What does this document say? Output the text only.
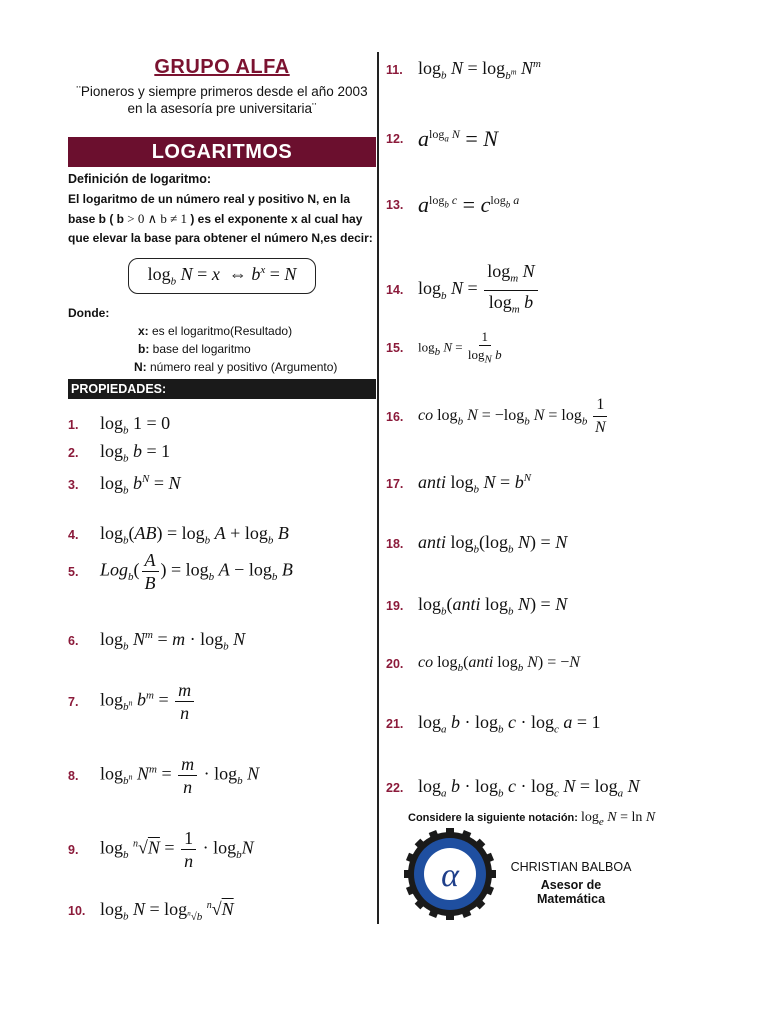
GRUPO ALFA
¨Pioneros y siempre primeros desde el año 2003
en la asesoría pre universitaria¨
LOGARITMOS
Definición de logaritmo:
El logaritmo de un número real y positivo N, en la
base b ( b > 0 ∧ b ≠ 1 ) es el exponente x al cual hay
que elevar la base para obtener el número N,es decir:
$\log_b N = x$  ⇔ $b^x = N$
Donde:
x: es el logaritmo(Resultado)
b: base del logaritmo
N: número real y positivo (Argumento)
PROPIEDADES:
1.	$\log_b 1 = 0$
2.	$\log_b b = 1$
3.	$\log_b b^N = N$
4.	$\log_b(AB) = \log_b A + \log_b B$
5.	$Log_b( \frac{A}{B}$ ) = $\log_b A - \log_b B$
6.	$\log_b N^m = m \cdot \log_b N$
7.	$\log_{b^n} b^m = \frac{m}{n}$
8.	$\log_{b^n} N^m = \frac{m}{n} \cdot \log_b N$
9.	$\log_b ^n√N = \frac{1}{n} \cdot \log_bN$
10. $\log_b N = \log_{^n√b} ^n√N$
11. $\log_b N = \log_{b^m} N^m$
12. $a^{log_a N} = N$
13. $a^{log_b c} = c^{log_b a}$
14. $\log_b N = \frac{\log_m N}{\log_m b}$
15.	$\log_b N = \frac{1}{\log_N b}$
16. co $\log_b N = -\log_b$ $N = \log_b \frac{1}{N}$
17. anti $\log_b N = b^N$
18. anti $\log_b(\log_b$ N) = N
19. $\log_b(anti$ $\log_b N) = N$
20. co $\log_b(anti$ $\log_b N) = -N$
21. $\log_a b \cdot \log_b c \cdot \log_c a = 1$
22. $\log_a b \cdot \log_b c \cdot \log_c N = \log_a N$
Considere la siguiente notación: $\log_e N = \ln N$
α	CHRISTIAN BALBOA
Asesor de Matemática
